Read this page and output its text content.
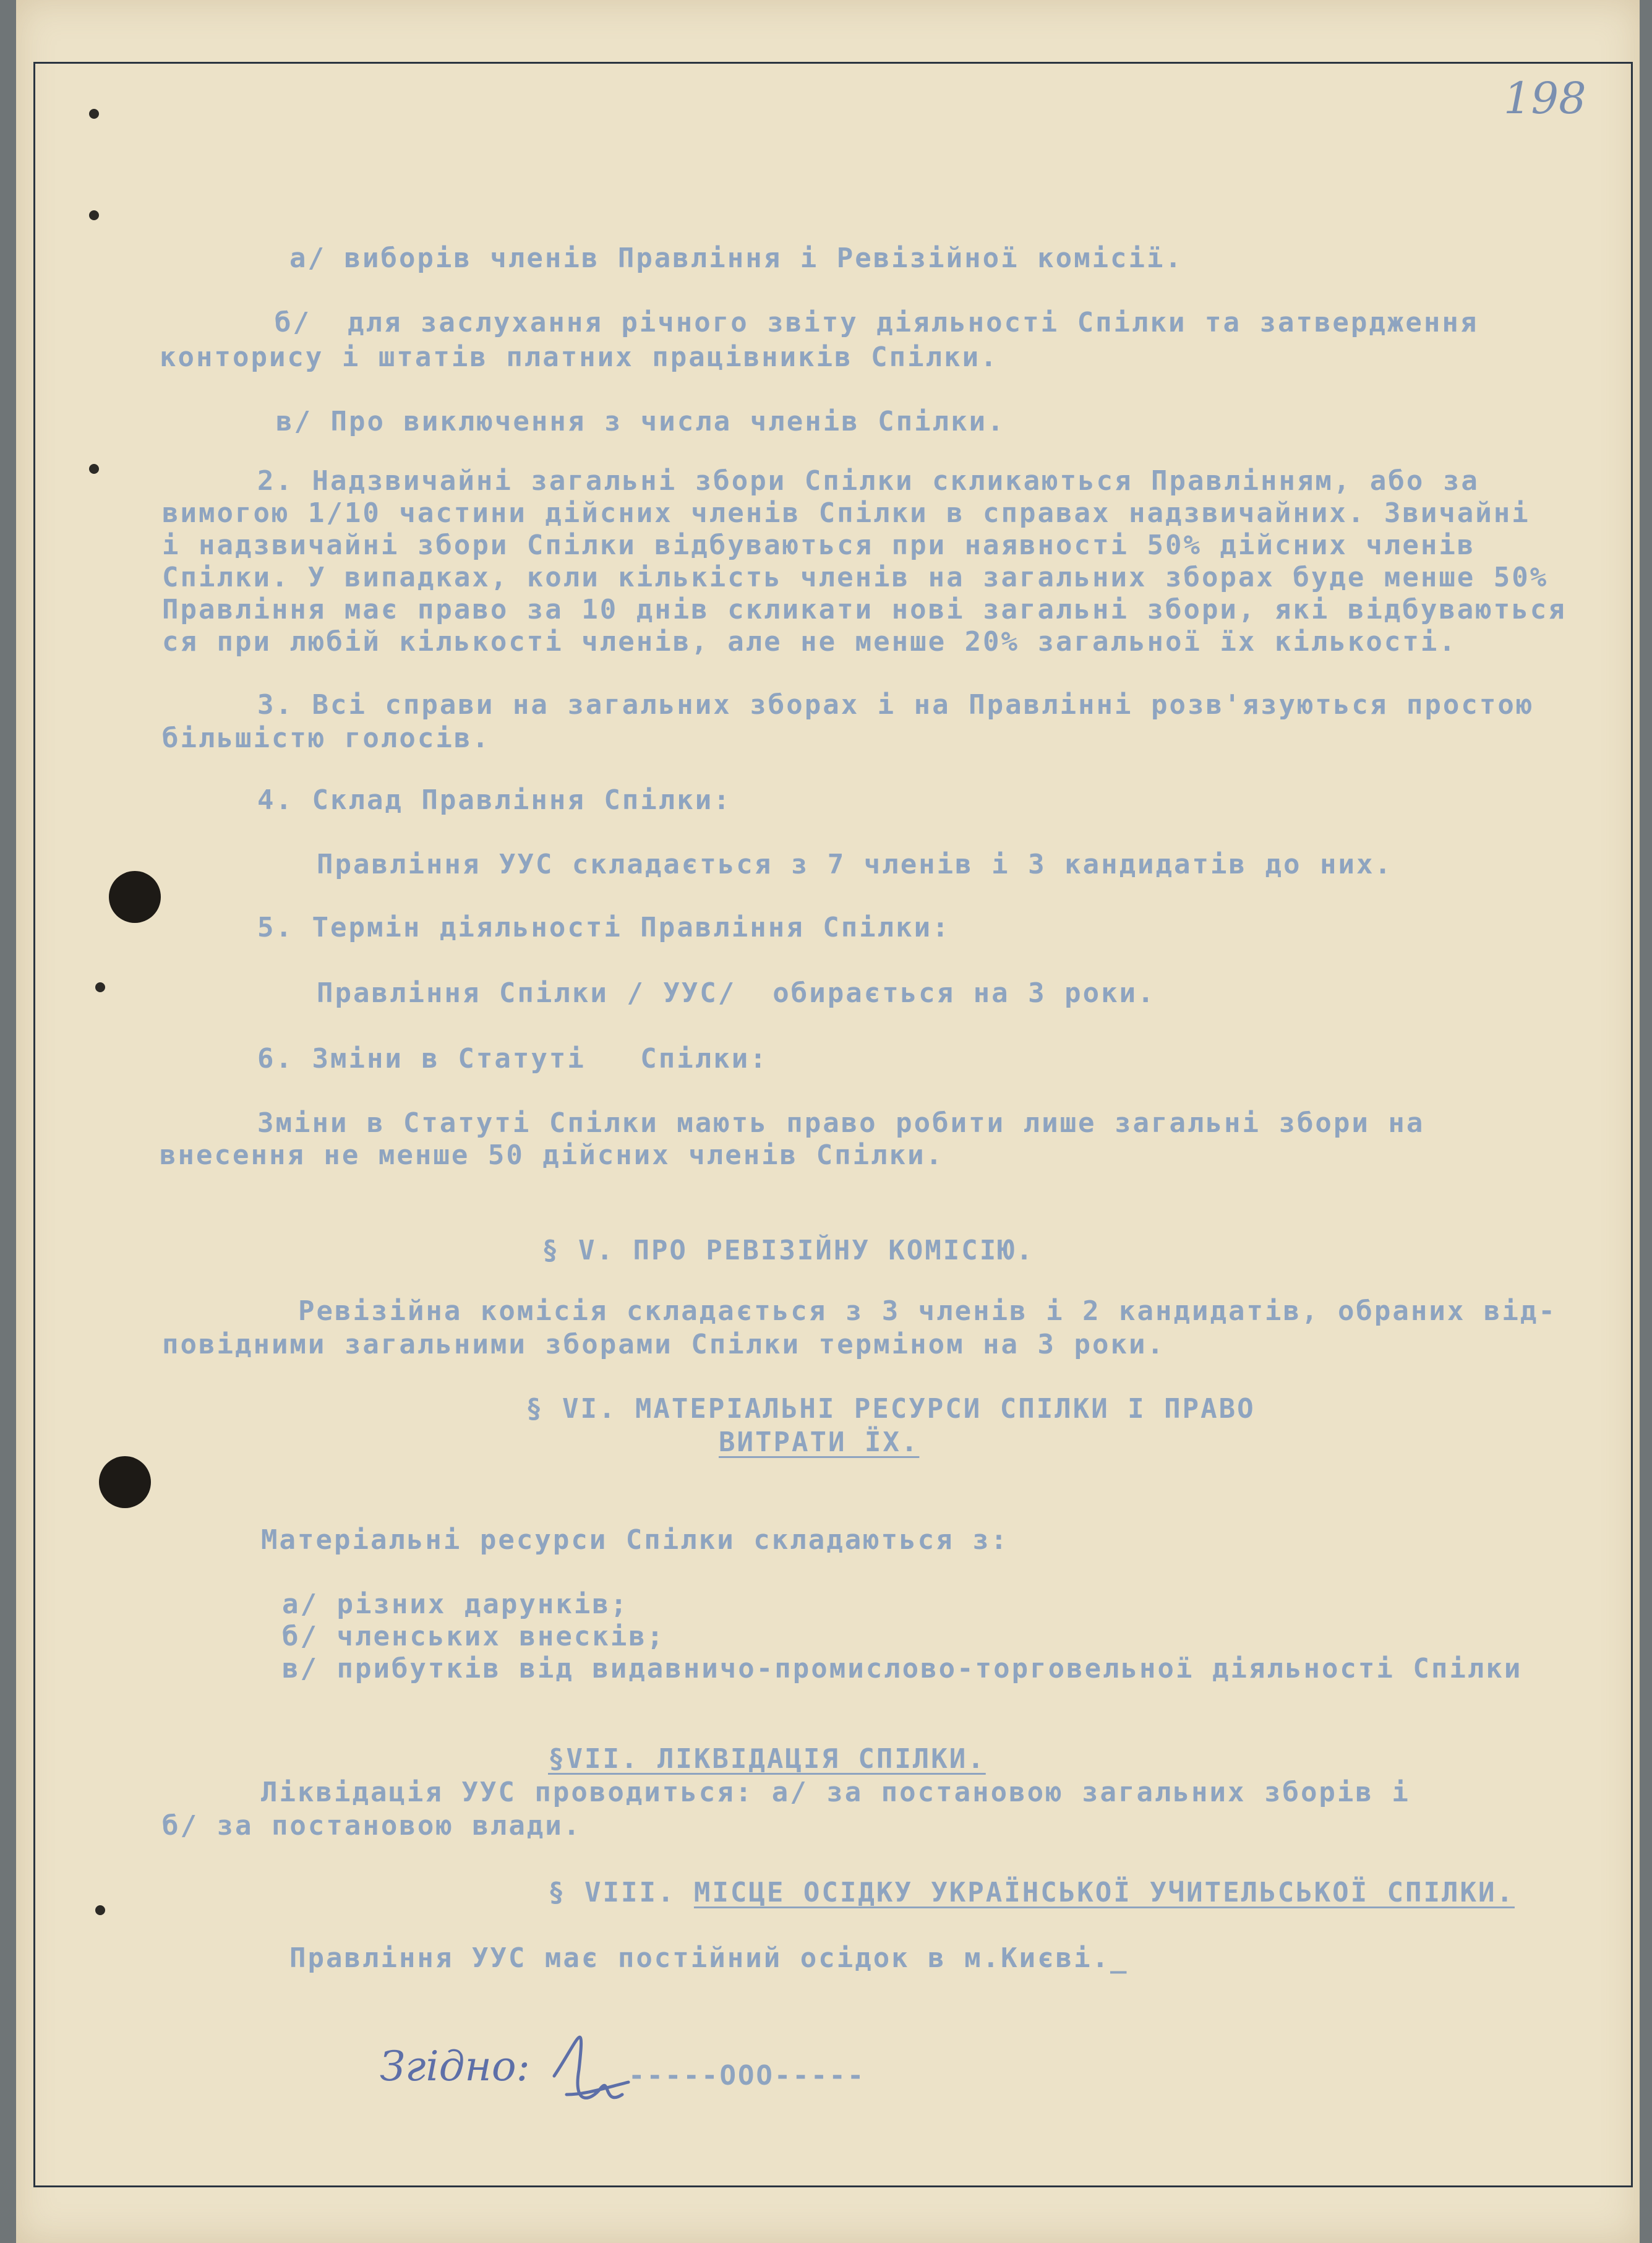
198
а/ виборів членів Правління і Ревізійної комісії.
б/  для заслухання річного звіту діяльності Спілки та затвердження
конторису і штатів платних працівників Спілки.
в/ Про виключення з числа членів Спілки.
2. Надзвичайні загальні збори Спілки скликаються Правлінням, або за
вимогою 1/10 частини дійсних членів Спілки в справах надзвичайних. Звичайні
і надзвичайні збори Спілки відбуваються при наявності 50% дійсних членів
Спілки. У випадках, коли кількість членів на загальних зборах буде менше 50%
Правління має право за 10 днів скликати нові загальні збори, які відбуваються
ся при любій кількості членів, але не менше 20% загальної їх кількості.
3. Всі справи на загальних зборах і на Правлінні розв'язуються простою
більшістю голосів.
4. Склад Правління Спілки:
Правління УУС складається з 7 членів і 3 кандидатів до них.
5. Термін діяльності Правління Спілки:
Правління Спілки / УУС/  обирається на 3 роки.
6. Зміни в Статуті   Спілки:
Зміни в Статуті Спілки мають право робити лише загальні збори на
внесення не менше 50 дійсних членів Спілки.
§ V. ПРО РЕВІЗІЙНУ КОМІСІЮ.
Ревізійна комісія складається з 3 членів і 2 кандидатів, обраних від-
повідними загальними зборами Спілки терміном на 3 роки.
§ VI. МАТЕРІАЛЬНІ РЕСУРСИ СПІЛКИ І ПРАВО
ВИТРАТИ ЇХ.
Матеріальні ресурси Спілки складаються з:
а/ різних дарунків;
б/ членських внесків;
в/ прибутків від видавничо-промислово-торговельної діяльності Спілки
§VII. ЛІКВІДАЦІЯ СПІЛКИ.
Ліквідація УУС проводиться: а/ за постановою загальних зборів і
б/ за постановою влади.
§ VIII. МІСЦЕ ОСІДКУ УКРАЇНСЬКОЇ УЧИТЕЛЬСЬКОЇ СПІЛКИ.
Правління УУС має постійний осідок в м.Києві._
Згідно:	-----ООО-----
